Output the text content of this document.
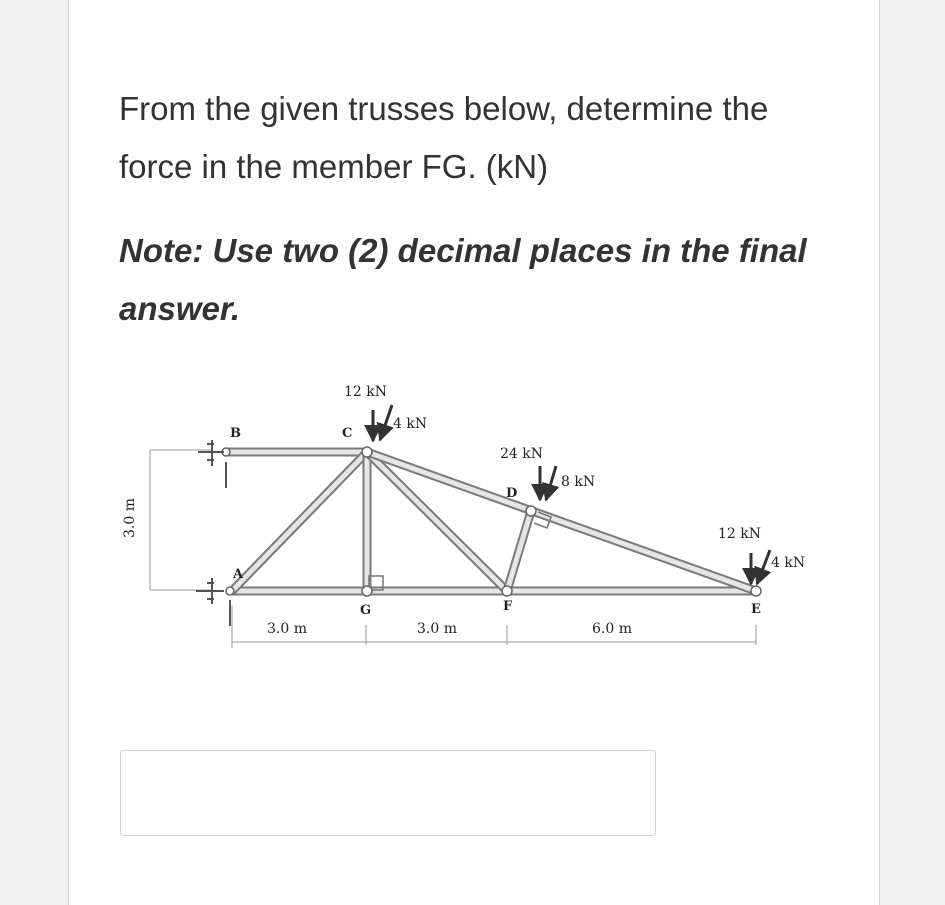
From the given trusses below, determine the force in the member FG. (kN)
Note: Use two (2) decimal places in the final answer.
B	C
A
G	F
D
E
12 kN
4 kN
24 kN
8 kN
12 kN
4 kN
3.0 m
3.0 m	3.0 m	6.0 m
